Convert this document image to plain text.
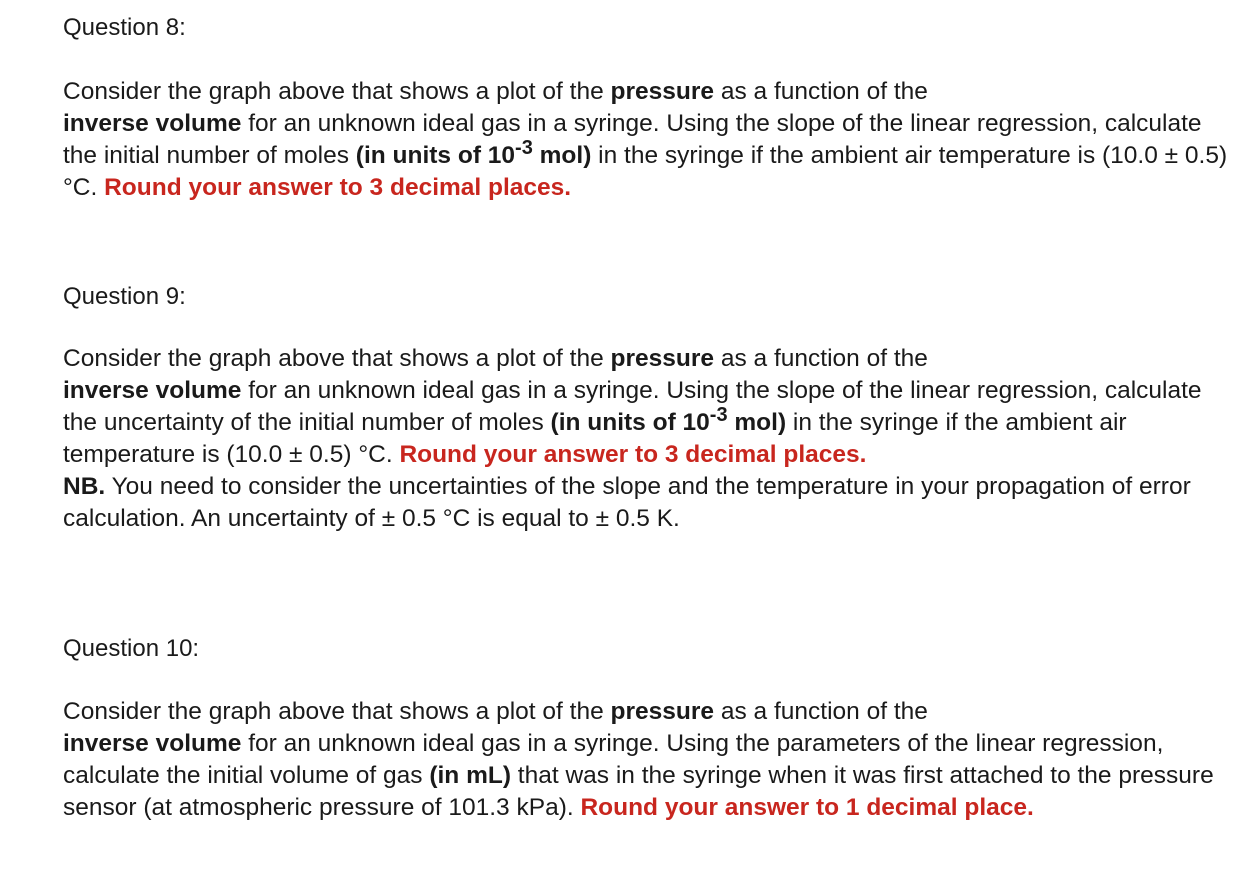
Question 8:

Consider the graph above that shows a plot of the pressure as a function of the
inverse volume for an unknown ideal gas in a syringe. Using the slope of the linear regression, calculate the initial number of moles (in units of $10^{-3}$ mol) in the syringe if the ambient air temperature is (10.0 ± 0.5) °C. Round your answer to 3 decimal places.

Question 9:

Consider the graph above that shows a plot of the pressure as a function of the
inverse volume for an unknown ideal gas in a syringe. Using the slope of the linear regression, calculate the uncertainty of the initial number of moles (in units of $10^{-3}$ mol) in the syringe if the ambient air temperature is (10.0 ± 0.5) °C. Round your answer to 3 decimal places.
NB. You need to consider the uncertainties of the slope and the temperature in your propagation of error calculation. An uncertainty of ± 0.5 °C is equal to ± 0.5 K.

Question 10:

Consider the graph above that shows a plot of the pressure as a function of the
inverse volume for an unknown ideal gas in a syringe. Using the parameters of the linear regression, calculate the initial volume of gas (in mL) that was in the syringe when it was first attached to the pressure sensor (at atmospheric pressure of 101.3 kPa). Round your answer to 1 decimal place.
